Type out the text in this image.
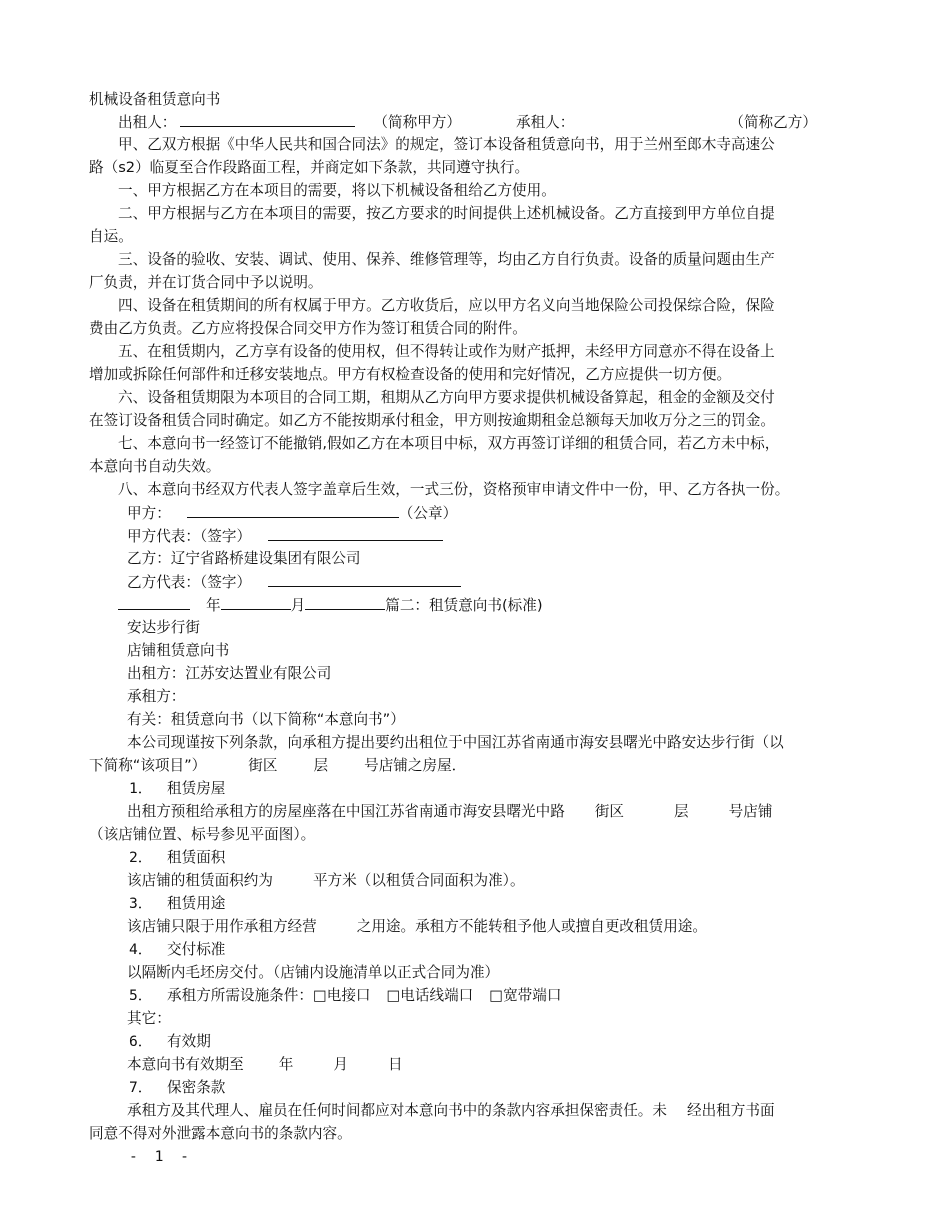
机械设备租赁意向书
出租人：	（简称甲方）	承租人：	（简称乙方）
甲、乙双方根据《中华人民共和国合同法》的规定，签订本设备租赁意向书，用于兰州至郎木寺高速公
路（s2）临夏至合作段路面工程，并商定如下条款，共同遵守执行。
一、甲方根据乙方在本项目的需要，将以下机械设备租给乙方使用。
二、甲方根据与乙方在本项目的需要，按乙方要求的时间提供上述机械设备。乙方直接到甲方单位自提
自运。
三、设备的验收、安装、调试、使用、保养、维修管理等，均由乙方自行负责。设备的质量问题由生产
厂负责，并在订货合同中予以说明。
四、设备在租赁期间的所有权属于甲方。乙方收货后，应以甲方名义向当地保险公司投保综合险，保险
费由乙方负责。乙方应将投保合同交甲方作为签订租赁合同的附件。
五、在租赁期内，乙方享有设备的使用权，但不得转让或作为财产抵押，未经甲方同意亦不得在设备上
增加或拆除任何部件和迁移安装地点。甲方有权检查设备的使用和完好情况，乙方应提供一切方便。
六、设备租赁期限为本项目的合同工期，租期从乙方向甲方要求提供机械设备算起，租金的金额及交付
在签订设备租赁合同时确定。如乙方不能按期承付租金，甲方则按逾期租金总额每天加收万分之三的罚金。
七、本意向书一经签订不能撤销,假如乙方在本项目中标，双方再签订详细的租赁合同，若乙方未中标，
本意向书自动失效。
八、本意向书经双方代表人签字盖章后生效，一式三份，资格预审申请文件中一份，甲、乙方各执一份。
甲方：	（公章）
甲方代表：（签字）
乙方：辽宁省路桥建设集团有限公司
乙方代表：（签字）
年	月	篇二：租赁意向书(标准)
安达步行街
店铺租赁意向书
出租方：江苏安达置业有限公司
承租方：
有关：租赁意向书（以下简称“本意向书”）
本公司现谨按下列条款，向承租方提出要约出租位于中国江苏省南通市海安县曙光中路安达步行街（以
下简称“该项目”）	街区 层 号店铺之房屋．
1． 租赁房屋
出租方预租给承租方的房屋座落在中国江苏省南通市海安县曙光中路 街区	层	号店铺
（该店铺位置、标号参见平面图）。
2． 租赁面积
该店铺的租赁面积约为	平方米（以租赁合同面积为准）。
3． 租赁用途
该店铺只限于用作承租方经营	之用途。承租方不能转租予他人或擅自更改租赁用途。
4． 交付标准
以隔断内毛坯房交付。（店铺内设施清单以正式合同为准）
5． 承租方所需设施条件：□电接口 □电话线端口 □宽带端口
其它：
6． 有效期
本意向书有效期至 年	月	日
7． 保密条款
承租方及其代理人、雇员在任何时间都应对本意向书中的条款内容承担保密责任。未 经出租方书面
同意不得对外泄露本意向书的条款内容。
- 1 -
